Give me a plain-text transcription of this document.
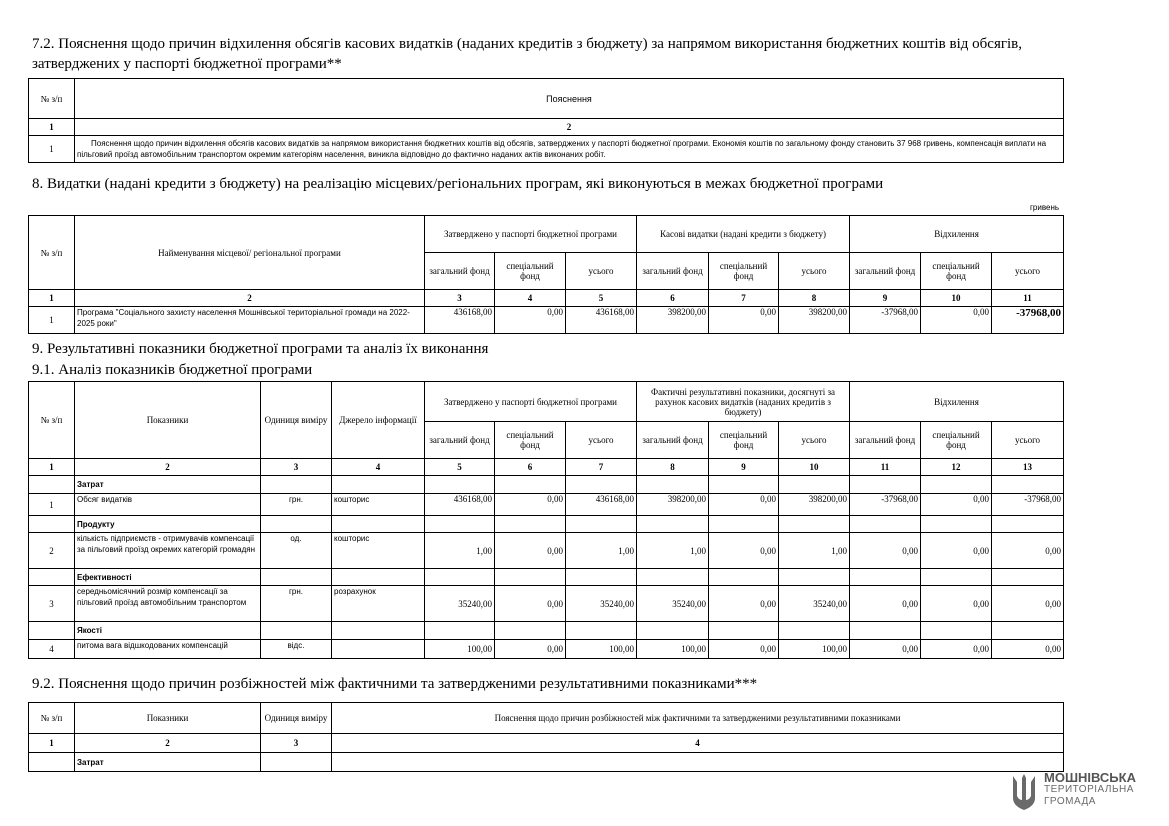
7.2. Пояснення щодо причин відхилення обсягів касових видатків (наданих кредитів з бюджету) за напрямом використання бюджетних коштів від обсягів, затверджених у паспорті бюджетної програми**
№ з/п	Пояснення
1	2
1	Пояснення щодо причин відхилення обсягів касових видатків за напрямом використання бюджетних коштів від обсягів, затверджених у паспорті бюджетної програми. Економія коштів по загальному фонду становить 37 968 гривень, компенсація виплати на пільговий проїзд автомобільним транспортом окремим категоріям населення, виникла відповідно до фактично наданих актів виконаних робіт.
8. Видатки (надані кредити з бюджету) на реалізацію місцевих/регіональних програм, які виконуються в межах бюджетної програми
гривень
№ з/п	Найменування місцевої/ регіональної програми	Затверджено у паспорті бюджетної програми			Касові видатки (надані кредити з бюджету)			Відхилення		
		загальний фонд	спеціальний фонд	усього	загальний фонд	спеціальний фонд	усього	загальний фонд	спеціальний фонд	усього
1	2	3	4	5	6	7	8	9	10	11
1	Програма "Соціального захисту населення Мошнівської територіальної громади на 2022-2025 роки"	436168,00	0,00	436168,00	398200,00	0,00	398200,00	-37968,00	0,00	-37968,00
9. Результативні показники бюджетної програми та аналіз їх виконання
9.1. Аналіз показників бюджетної програми
№ з/п	Показники	Одиниця виміру	Джерело інформації	Затверджено у паспорті бюджетної програми			Фактичні результативні показники, досягнуті за рахунок касових видатків (наданих кредитів з бюджету)			Відхилення		
				загальний фонд	спеціальний фонд	усього	загальний фонд	спеціальний фонд	усього	загальний фонд	спеціальний фонд	усього
1	2	3	4	5	6	7	8	9	10	11	12	13
	Затрат											
1	Обсяг видатків	грн.	кошторис	436168,00	0,00	436168,00	398200,00	0,00	398200,00	-37968,00	0,00	-37968,00
	Продукту											
2	кількість підприємств - отримувачів компенсації за пільговий проїзд окремих категорій громадян	од.	кошторис	1,00	0,00	1,00	1,00	0,00	1,00	0,00	0,00	0,00
	Ефективності											
3	середньомісячний розмір компенсації за пільговий проїзд автомобільним транспортом	грн.	розрахунок	35240,00	0,00	35240,00	35240,00	0,00	35240,00	0,00	0,00	0,00
	Якості											
4	питома вага відшкодованих компенсацій	відс.		100,00	0,00	100,00	100,00	0,00	100,00	0,00	0,00	0,00
9.2. Пояснення щодо причин розбіжностей між фактичними та затвердженими результативними показниками***
№ з/п	Показники	Одиниця виміру	Пояснення щодо причин розбіжностей між фактичними та затвердженими результативними показниками
1	2	3	4
	Затрат		
МОШНІВСЬКА
ТЕРИТОРІАЛЬНА
ГРОМАДА
